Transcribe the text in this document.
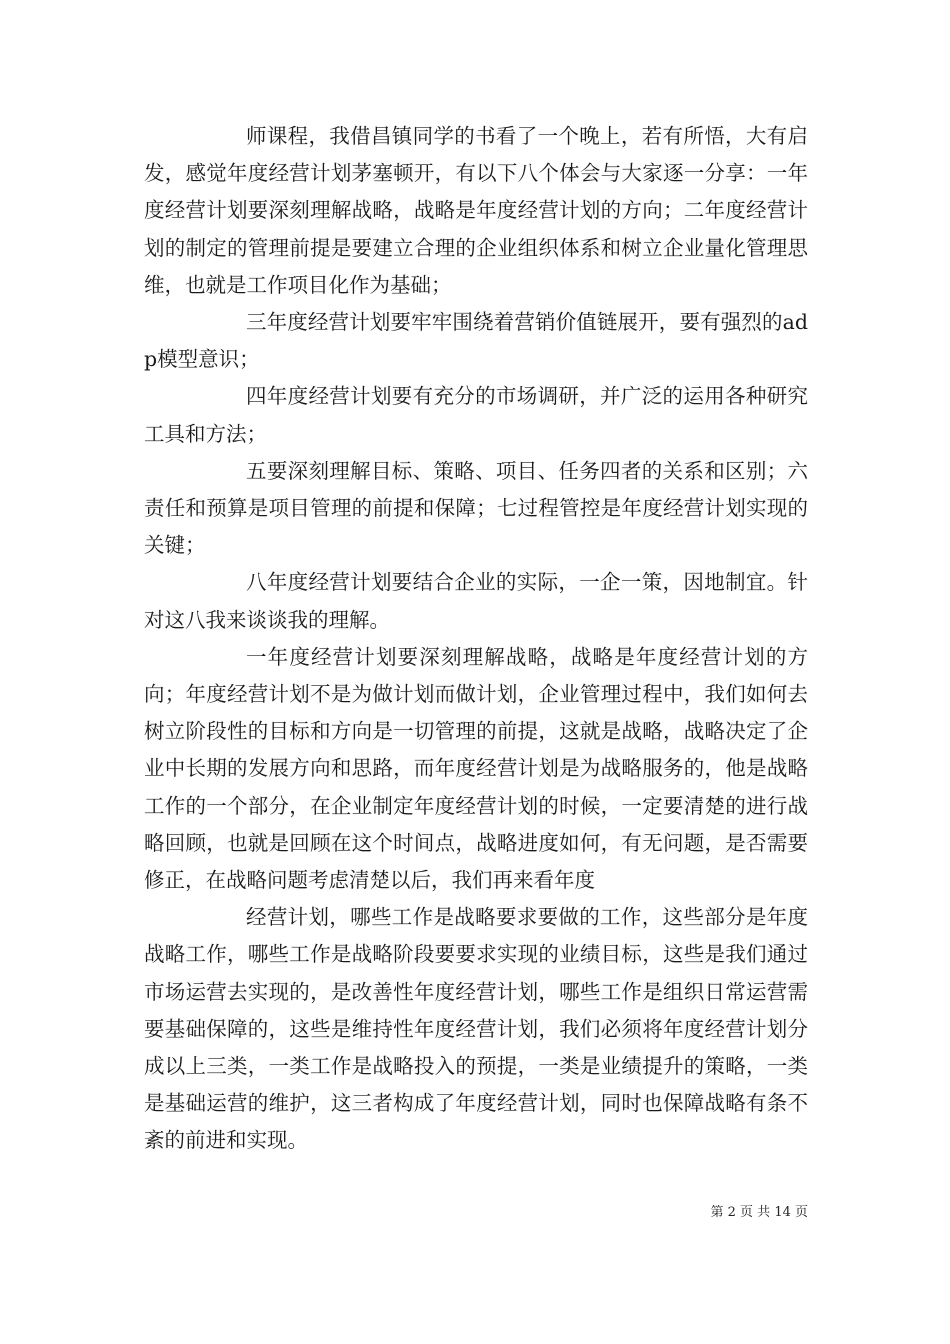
师课程，我借昌镇同学的书看了一个晚上，若有所悟，大有启发，感觉年度经营计划茅塞顿开，有以下八个体会与大家逐一分享：一年度经营计划要深刻理解战略，战略是年度经营计划的方向；二年度经营计划的制定的管理前提是要建立合理的企业组织体系和树立企业量化管理思维，也就是工作项目化作为基础；

三年度经营计划要牢牢围绕着营销价值链展开，要有强烈的adp模型意识；

四年度经营计划要有充分的市场调研，并广泛的运用各种研究工具和方法；

五要深刻理解目标、策略、项目、任务四者的关系和区别；六责任和预算是项目管理的前提和保障；七过程管控是年度经营计划实现的关键；

八年度经营计划要结合企业的实际，一企一策，因地制宜。针对这八我来谈谈我的理解。

一年度经营计划要深刻理解战略，战略是年度经营计划的方向；年度经营计划不是为做计划而做计划，企业管理过程中，我们如何去树立阶段性的目标和方向是一切管理的前提，这就是战略，战略决定了企业中长期的发展方向和思路，而年度经营计划是为战略服务的，他是战略工作的一个部分，在企业制定年度经营计划的时候，一定要清楚的进行战略回顾，也就是回顾在这个时间点，战略进度如何，有无问题，是否需要修正，在战略问题考虑清楚以后，我们再来看年度

经营计划，哪些工作是战略要求要做的工作，这些部分是年度战略工作，哪些工作是战略阶段要要求实现的业绩目标，这些是我们通过市场运营去实现的，是改善性年度经营计划，哪些工作是组织日常运营需要基础保障的，这些是维持性年度经营计划，我们必须将年度经营计划分成以上三类，一类工作是战略投入的预提，一类是业绩提升的策略，一类是基础运营的维护，这三者构成了年度经营计划，同时也保障战略有条不紊的前进和实现。

第 2 页 共 14 页
